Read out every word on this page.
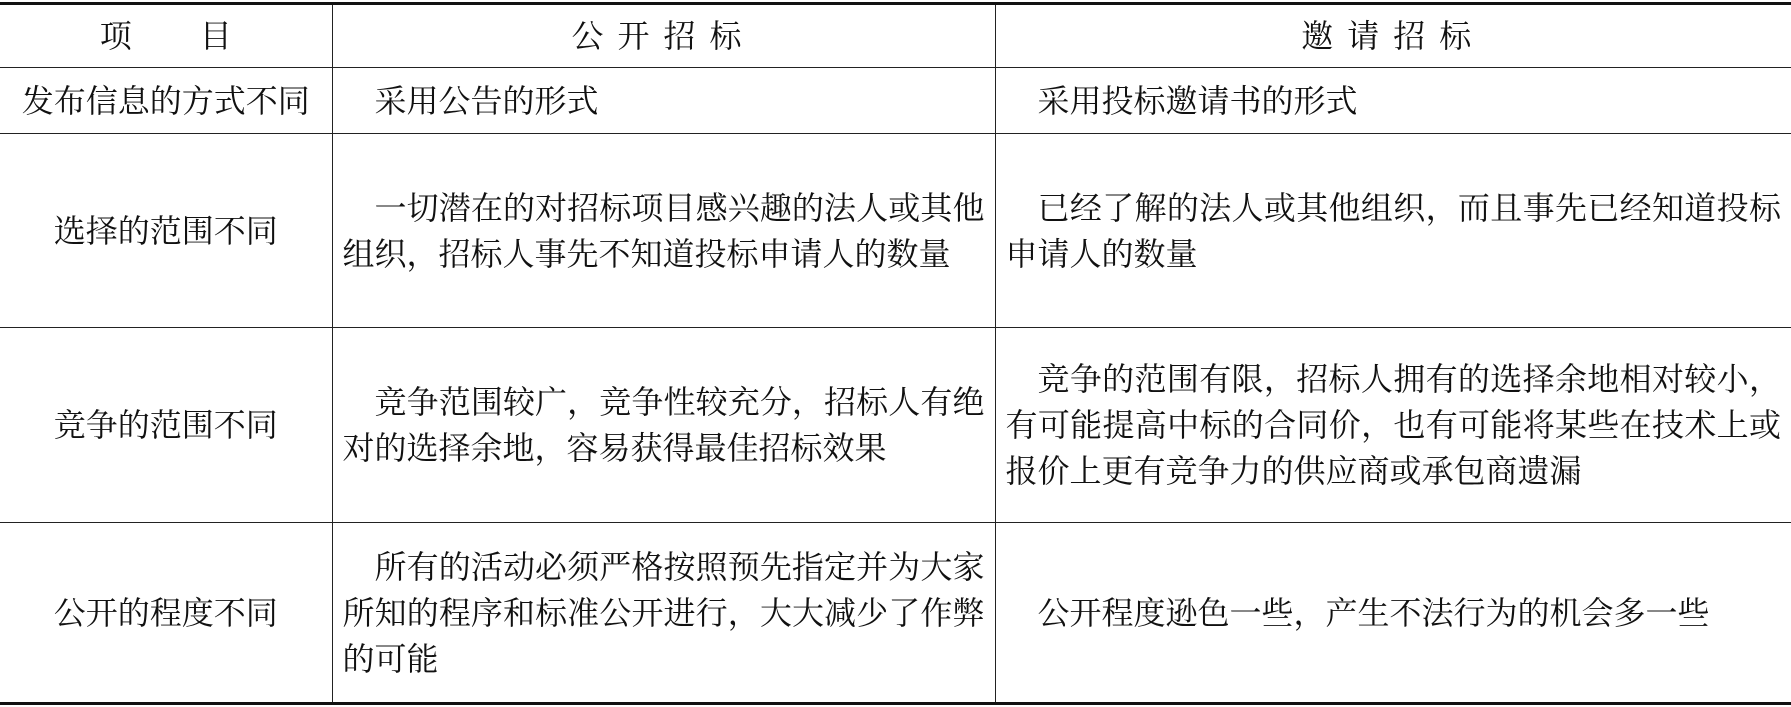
项 目	公开招标	邀请招标
发布信息的方式不同	采用公告的形式	采用投标邀请书的形式
选择的范围不同	一切潜在的对招标项目感兴趣的法人或其他组织，招标人事先不知道投标申请人的数量	已经了解的法人或其他组织，而且事先已经知道投标申请人的数量
竞争的范围不同	竞争范围较广，竞争性较充分，招标人有绝对的选择余地，容易获得最佳招标效果	竞争的范围有限，招标人拥有的选择余地相对较小，有可能提高中标的合同价，也有可能将某些在技术上或报价上更有竞争力的供应商或承包商遗漏
公开的程度不同	所有的活动必须严格按照预先指定并为大家所知的程序和标准公开进行，大大减少了作弊的可能	公开程度逊色一些，产生不法行为的机会多一些
